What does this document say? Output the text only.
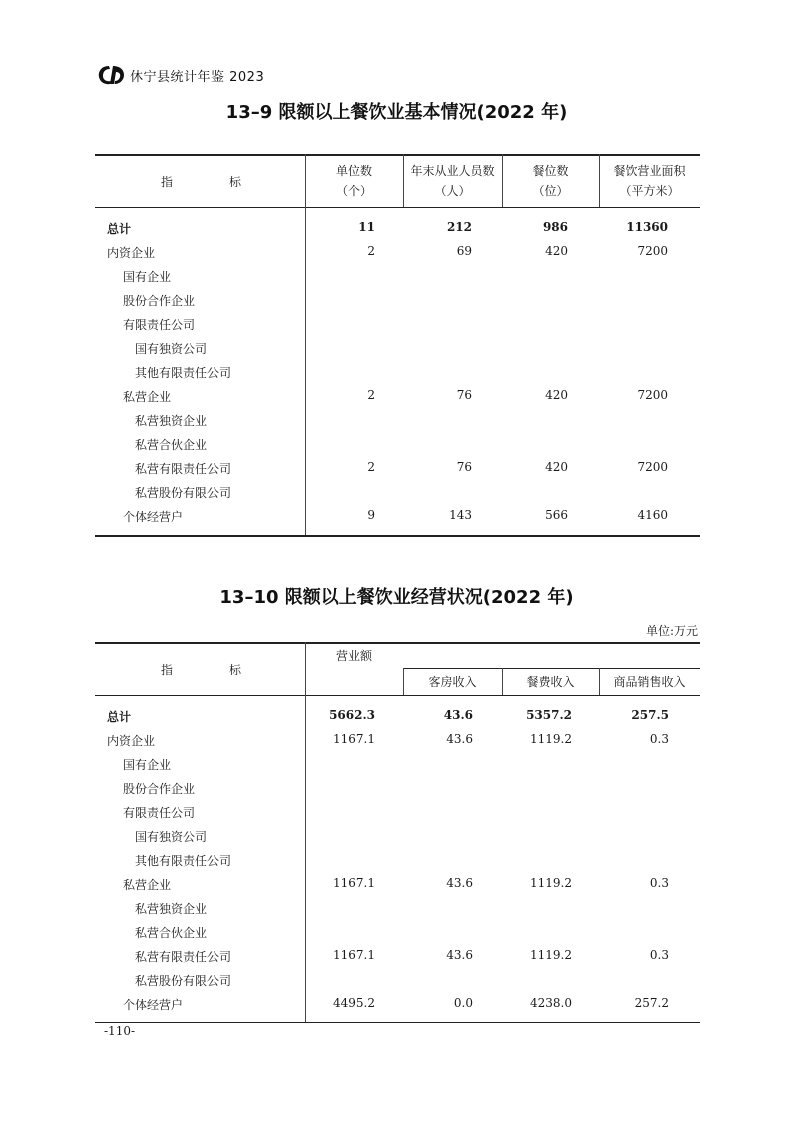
休宁县统计年鉴 2023
13–9 限额以上餐饮业基本情况(2022 年)
指	标
单位数
（个）
年末从业人员数
（人）
餐位数
（位）
餐饮营业面积
（平方米）
总计	11	212	986	11360
内资企业	2	69	420	7200
国有企业
股份合作企业
有限责任公司
国有独资公司
其他有限责任公司
私营企业	2	76	420	7200
私营独资企业
私营合伙企业
私营有限责任公司	2	76	420	7200
私营股份有限公司
个体经营户	9	143	566	4160
13–10 限额以上餐饮业经营状况(2022 年)
单位:万元
指	标
营业额
客房收入	餐费收入	商品销售收入
总计	5662.3	43.6	5357.2	257.5
内资企业	1167.1	43.6	1119.2	0.3
国有企业
股份合作企业
有限责任公司
国有独资公司
其他有限责任公司
私营企业	1167.1	43.6	1119.2	0.3
私营独资企业
私营合伙企业
私营有限责任公司	1167.1	43.6	1119.2	0.3
私营股份有限公司
个体经营户	4495.2	0.0	4238.0	257.2
-110-
